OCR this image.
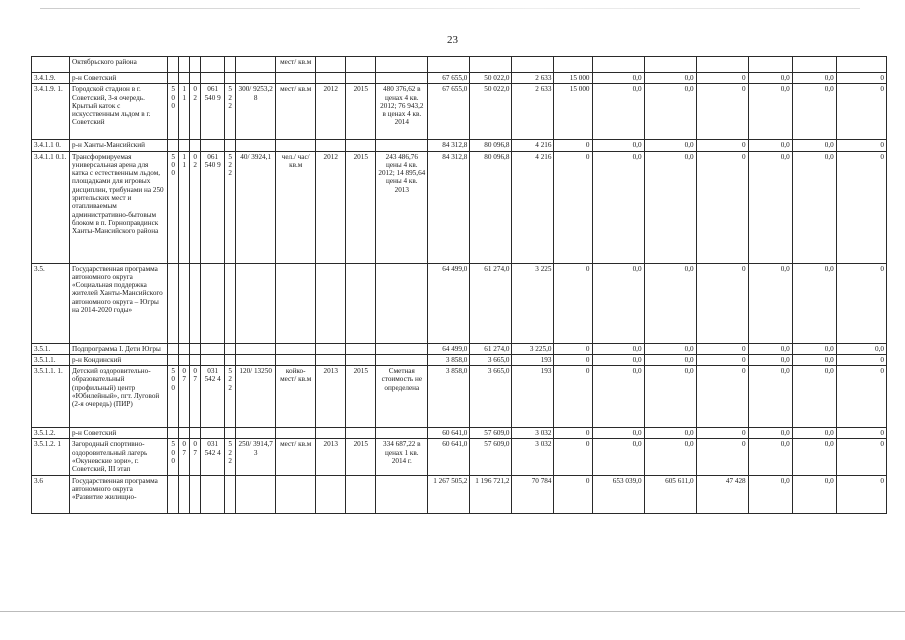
23
	Октябрьского района							мест/ кв.м													
3.4.1.9.	р-н Советский											67 655,0	50 022,0	2 633	15 000	0,0	0,0	0	0,0	0,0	0
3.4.1.9. 1.	Городской стадион в г. Советский, 3-я очередь. Крытый каток с искусственным льдом в г. Советский	5 0 0	1 1	0 2	061 540 9	5 2 2	300/ 9253,2 8	мест/ кв.м	2012	2015	480 376,62 в ценах 4 кв. 2012; 76 943,2 в ценах 4 кв. 2014	67 655,0	50 022,0	2 633	15 000	0,0	0,0	0	0,0	0,0	0
3.4.1.1 0.	р-н Ханты-Мансийский											84 312,8	80 096,8	4 216	0	0,0	0,0	0	0,0	0,0	0
3.4.1.1 0.1.	Трансформируемая универсальная арена для катка с естественным льдом, площадками для игровых дисциплин, трибунами на 250 зрительских мест и отапливаемым административно-бытовым блоком в п. Горноправдинск Ханты-Мансийского района	5 0 0	1 1	0 2	061 540 9	5 2 2	40/ 3924,1	чел./ час/ кв.м	2012	2015	243 486,76 цены 4 кв. 2012; 14 895,64 цены 4 кв. 2013	84 312,8	80 096,8	4 216	0	0,0	0,0	0	0,0	0,0	0
3.5.	Государственная программа автономного округа «Социальная поддержка жителей Ханты-Мансийского автономного округа – Югры на 2014-2020 годы»											64 499,0	61 274,0	3 225	0	0,0	0,0	0	0,0	0,0	0
3.5.1.	Подпрограмма I. Дети Югры											64 499,0	61 274,0	3 225,0	0	0,0	0,0	0	0,0	0,0	0,0
3.5.1.1.	р-н Кондинский											3 858,0	3 665,0	193	0	0,0	0,0	0	0,0	0,0	0
3.5.1.1. 1.	Детский оздоровительно-образовательный (профильный) центр «Юбилейный», пгт. Луговой (2-я очередь) (ПИР)	5 0 0	0 7	0 7	031 542 4	5 2 2	120/ 13250	койко-мест/ кв.м	2013	2015	Сметная стоимость не определена	3 858,0	3 665,0	193	0	0,0	0,0	0	0,0	0,0	0
3.5.1.2.	р-н Советский											60 641,0	57 609,0	3 032	0	0,0	0,0	0	0,0	0,0	0
3.5.1.2. 1	Загородный спортивно-оздоровительный лагерь «Окуневские зори», г. Советский, III этап	5 0 0	0 7	0 7	031 542 4	5 2 2	250/ 3914,7 3	мест/ кв.м	2013	2015	334 687,22 в ценах 1 кв. 2014 г.	60 641,0	57 609,0	3 032	0	0,0	0,0	0	0,0	0,0	0
3.6	Государственная программа автономного округа «Развитие жилищно-											1 267 505,2	1 196 721,2	70 784	0	653 039,0	605 611,0	47 428	0,0	0,0	0
